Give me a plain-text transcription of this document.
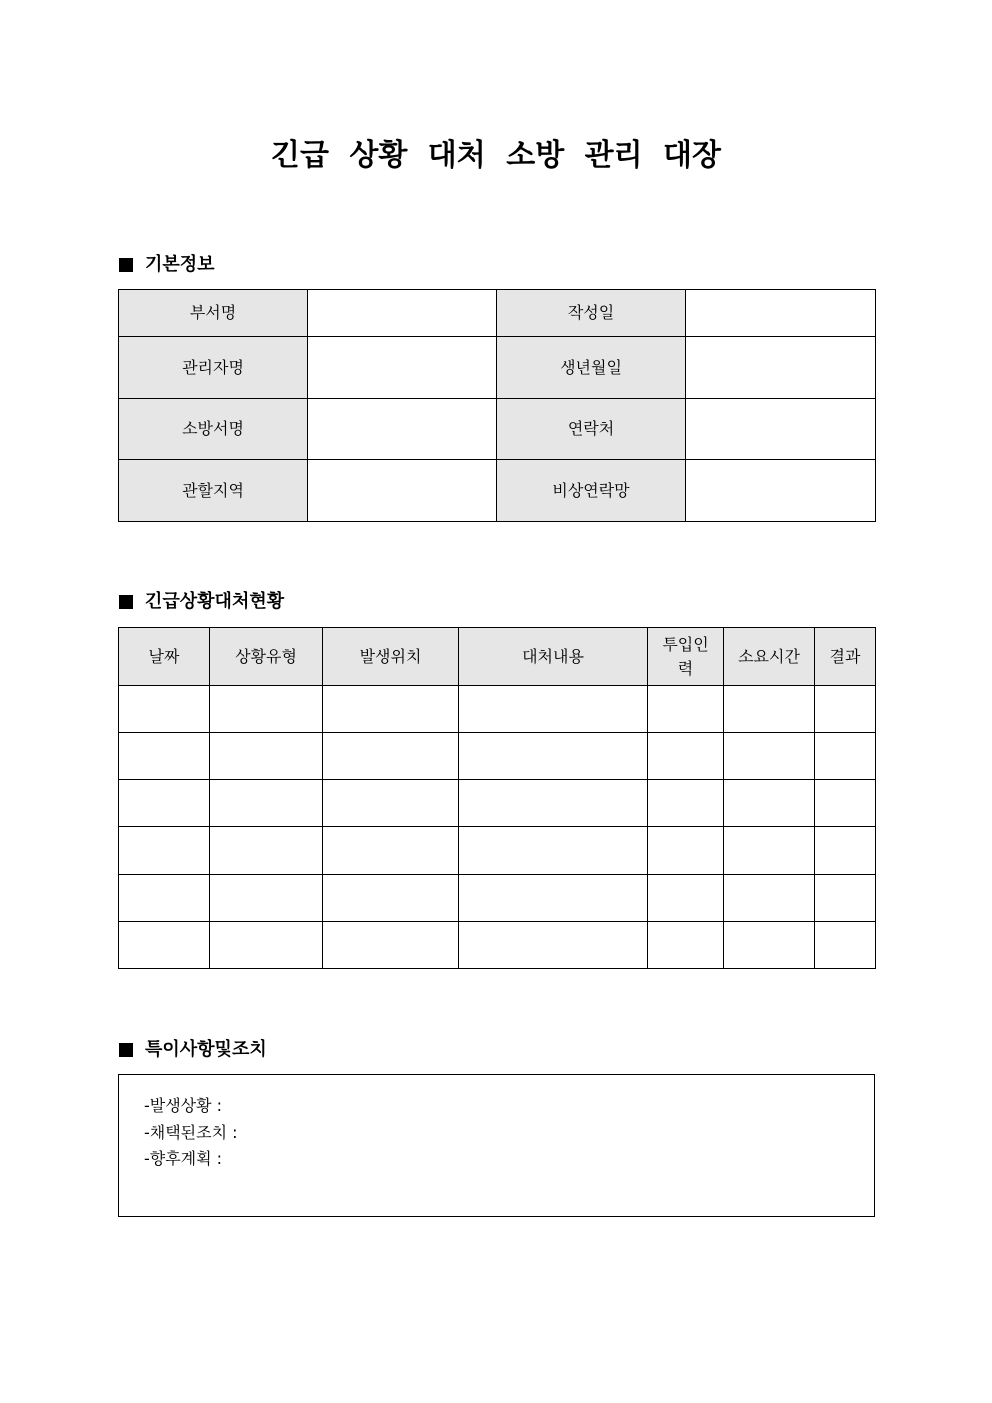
긴급 상황 대처 소방 관리 대장
기본정보
부서명		작성일	
관리자명		생년월일	
소방서명		연락처	
관할지역		비상연락망	
긴급상황대처현황
날짜	상황유형	발생위치	대처내용	투입인력	소요시간	결과

특이사항및조치
-발생상황 :
-채택된조치 :
-향후계획 :
